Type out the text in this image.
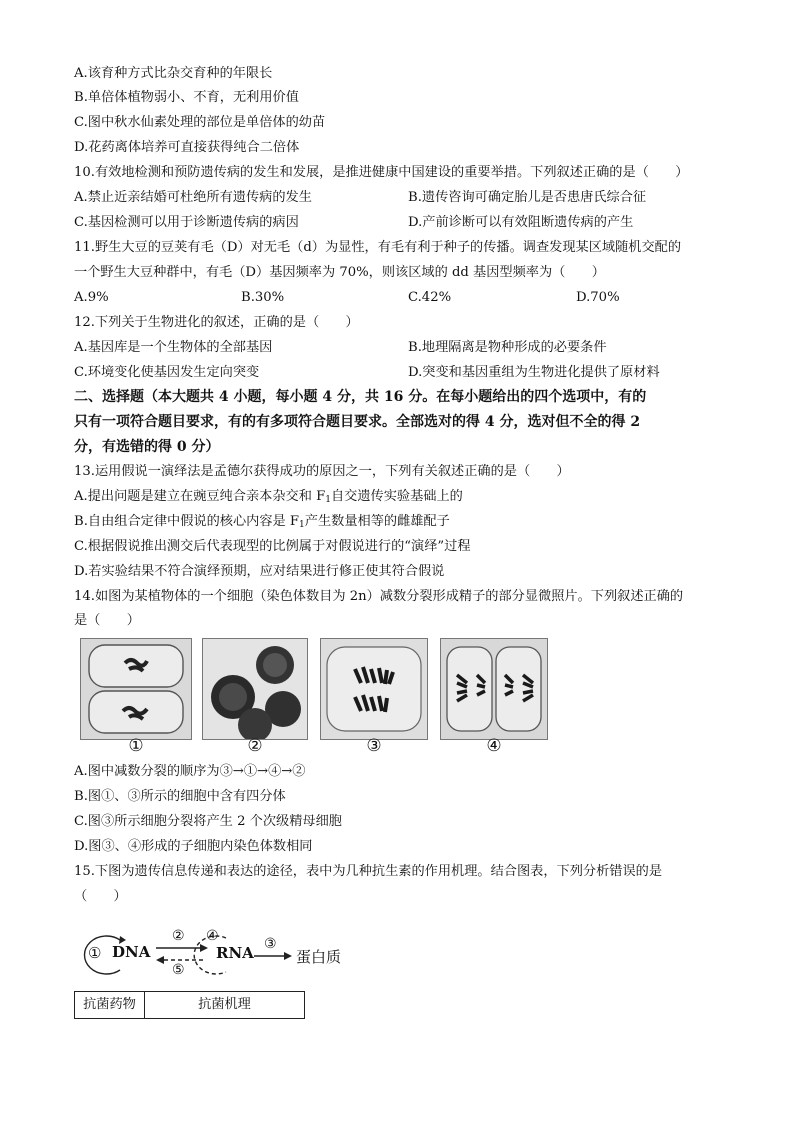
A.该育种方式比杂交育种的年限长
B.单倍体植物弱小、不育，无利用价值
C.图中秋水仙素处理的部位是单倍体的幼苗
D.花药离体培养可直接获得纯合二倍体
10.有效地检测和预防遗传病的发生和发展，是推进健康中国建设的重要举措。下列叙述正确的是（　　）
A.禁止近亲结婚可杜绝所有遗传病的发生	B.遗传咨询可确定胎儿是否患唐氏综合征
C.基因检测可以用于诊断遗传病的病因	D.产前诊断可以有效阻断遗传病的产生
11.野生大豆的豆荚有毛（D）对无毛（d）为显性，有毛有利于种子的传播。调查发现某区域随机交配的
一个野生大豆种群中，有毛（D）基因频率为 70%，则该区域的 dd 基因型频率为（　　）
A.9%	B.30%	C.42%	D.70%
12.下列关于生物进化的叙述，正确的是（　　）
A.基因库是一个生物体的全部基因	B.地理隔离是物种形成的必要条件
C.环境变化使基因发生定向突变	D.突变和基因重组为生物进化提供了原材料
二、选择题（本大题共 4 小题，每小题 4 分，共 16 分。在每小题给出的四个选项中，有的
只有一项符合题目要求，有的有多项符合题目要求。全部选对的得 4 分，选对但不全的得 2
分，有选错的得 0 分）
13.运用假说一演绎法是孟德尔获得成功的原因之一，下列有关叙述正确的是（　　）
A.提出问题是建立在豌豆纯合亲本杂交和 $F_1$自交遗传实验基础上的
B.自由组合定律中假说的核心内容是 $F_1$产生数量相等的雌雄配子
C.根据假说推出测交后代表现型的比例属于对假说进行的“演绎”过程
D.若实验结果不符合演绎预期，应对结果进行修正使其符合假说
14.如图为某植物体的一个细胞（染色体数目为 2n）减数分裂形成精子的部分显微照片。下列叙述正确的
是（　　）
①	②	③	④
A.图中减数分裂的顺序为③→①→④→②
B.图①、③所示的细胞中含有四分体
C.图③所示细胞分裂将产生 2 个次级精母细胞
D.图③、④形成的子细胞内染色体数相同
15.下图为遗传信息传递和表达的途径，表中为几种抗生素的作用机理。结合图表，下列分析错误的是
（　　）
① DNA
②
⑤
④
RNA ③
蛋白质
抗菌药物	抗菌机理
